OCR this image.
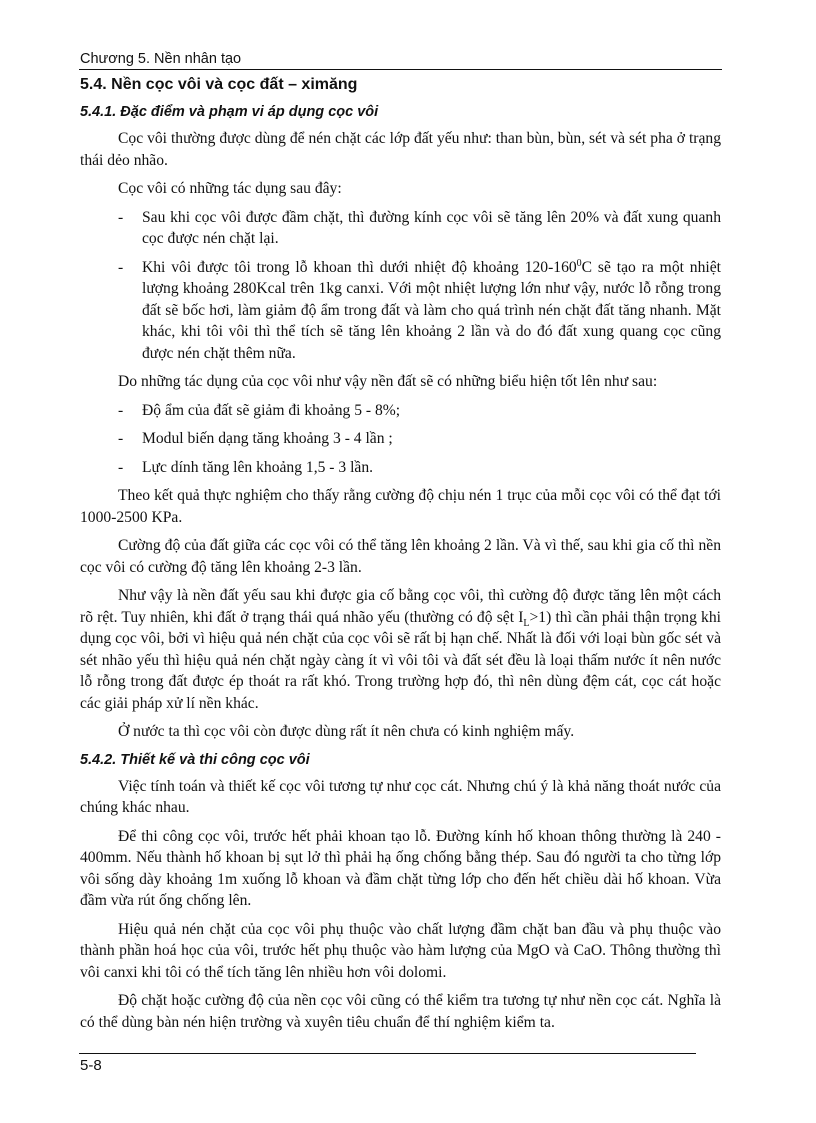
Chương 5. Nền nhân tạo
5.4. Nền cọc vôi và cọc đất – ximăng
5.4.1. Đặc điểm và phạm vi áp dụng cọc vôi

Cọc vôi thường được dùng để nén chặt các lớp đất yếu như: than bùn, bùn, sét và sét pha ở trạng thái dẻo nhão.

Cọc vôi có những tác dụng sau đây:

- Sau khi cọc vôi được đầm chặt, thì đường kính cọc vôi sẽ tăng lên 20% và đất xung quanh cọc được nén chặt lại.
- Khi vôi được tôi trong lỗ khoan thì dưới nhiệt độ khoảng $120-160^0C$ sẽ tạo ra một nhiệt lượng khoảng 280Kcal trên 1kg canxi. Với một nhiệt lượng lớn như vậy, nước lỗ rỗng trong đất sẽ bốc hơi, làm giảm độ ẩm trong đất và làm cho quá trình nén chặt đất tăng nhanh. Mặt khác, khi tôi vôi thì thể tích sẽ tăng lên khoảng 2 lần và do đó đất xung quang cọc cũng được nén chặt thêm nữa.

Do những tác dụng của cọc vôi như vậy nền đất sẽ có những biểu hiện tốt lên như sau:

- Độ ẩm của đất sẽ giảm đi khoảng 5 - 8%;
- Modul biến dạng tăng khoảng 3 - 4 lần ;
- Lực dính tăng lên khoảng 1,5 - 3 lần.

Theo kết quả thực nghiệm cho thấy rằng cường độ chịu nén 1 trục của mỗi cọc vôi có thể đạt tới 1000-2500 KPa.

Cường độ của đất giữa các cọc vôi có thể tăng lên khoảng 2 lần. Và vì thế, sau khi gia cố thì nền cọc vôi có cường độ tăng lên khoảng 2-3 lần.

Như vậy là nền đất yếu sau khi được gia cố bằng cọc vôi, thì cường độ được tăng lên một cách rõ rệt. Tuy nhiên, khi đất ở trạng thái quá nhão yếu (thường có độ sệt $I_L>1$) thì cần phải thận trọng khi dụng cọc vôi, bởi vì hiệu quả nén chặt của cọc vôi sẽ rất bị hạn chế. Nhất là đối với loại bùn gốc sét và sét nhão yếu thì hiệu quả nén chặt ngày càng ít vì vôi tôi và đất sét đều là loại thấm nước ít nên nước lỗ rỗng trong đất được ép thoát ra rất khó. Trong trường hợp đó, thì nên dùng đệm cát, cọc cát hoặc các giải pháp xử lí nền khác.

Ở nước ta thì cọc vôi còn được dùng rất ít nên chưa có kinh nghiệm mấy.

5.4.2. Thiết kế và thi công cọc vôi

Việc tính toán và thiết kế cọc vôi tương tự như cọc cát. Nhưng chú ý là khả năng thoát nước của chúng khác nhau.

Để thi công cọc vôi, trước hết phải khoan tạo lỗ. Đường kính hố khoan thông thường là 240 - 400mm. Nếu thành hố khoan bị sụt lở thì phải hạ ống chống bằng thép. Sau đó người ta cho từng lớp vôi sống dày khoảng 1m xuống lỗ khoan và đầm chặt từng lớp cho đến hết chiều dài hố khoan. Vừa đầm vừa rút ống chống lên.

Hiệu quả nén chặt của cọc vôi phụ thuộc vào chất lượng đầm chặt ban đầu và phụ thuộc vào thành phần hoá học của vôi, trước hết phụ thuộc vào hàm lượng của MgO và CaO. Thông thường thì vôi canxi khi tôi có thể tích tăng lên nhiều hơn vôi dolomi.

Độ chặt hoặc cường độ của nền cọc vôi cũng có thể kiểm tra tương tự như nền cọc cát. Nghĩa là có thể dùng bàn nén hiện trường và xuyên tiêu chuẩn để thí nghiệm kiểm ta.

5-8
